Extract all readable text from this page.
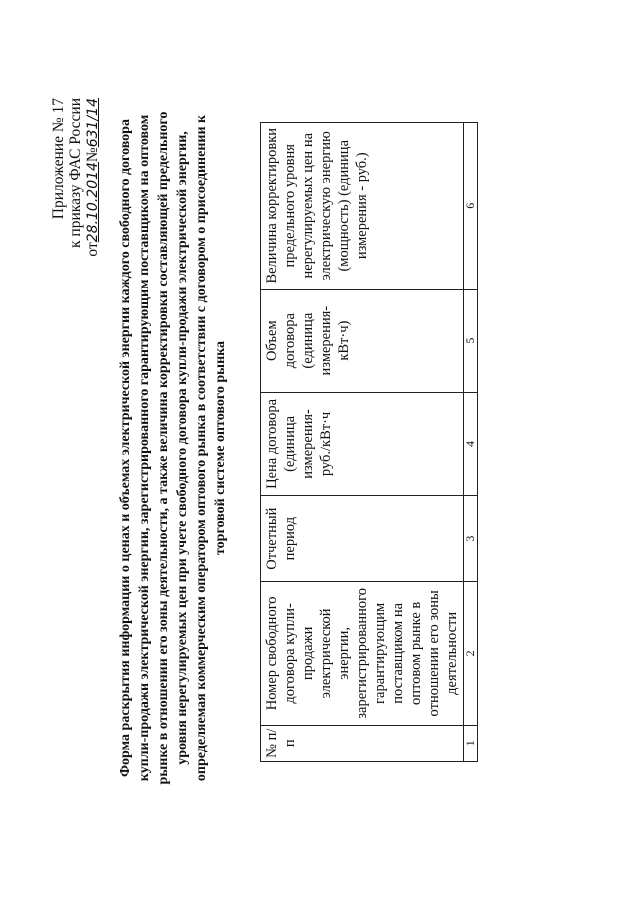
Приложение № 17 к приказу ФАС России
от28.10.2014№631/14 Форма раскрытия информации о ценах и объемах электрической энергии каждого свободного договора купли-продажи электрической энергии, зарегистрированного гарантирующим поставщиком на оптовом рынке в отношении его зоны деятельности, а также величина корректировки составляющей предельного уровня нерегулируемых цен при учете свободного договора купли-продажи электрической энергии, определяемая коммерческим оператором оптового рынка в соответствии с договором о присоединении к торговой системе оптового рынка
№ п/п	Номер свободного договора купли-продажи электрической энергии, зарегистрированного гарантирующим поставщиком на оптовом рынке в отношении его зоны деятельности	Отчетный период	Цена договора (единица измерения-руб./кВт·ч	Объем договора (единица измерения-кВт·ч)	Величина корректировки предельного уровня нерегулируемых цен на электрическую энергию (мощность) (единица измерения - руб.)
1	2	3	4	5	6
